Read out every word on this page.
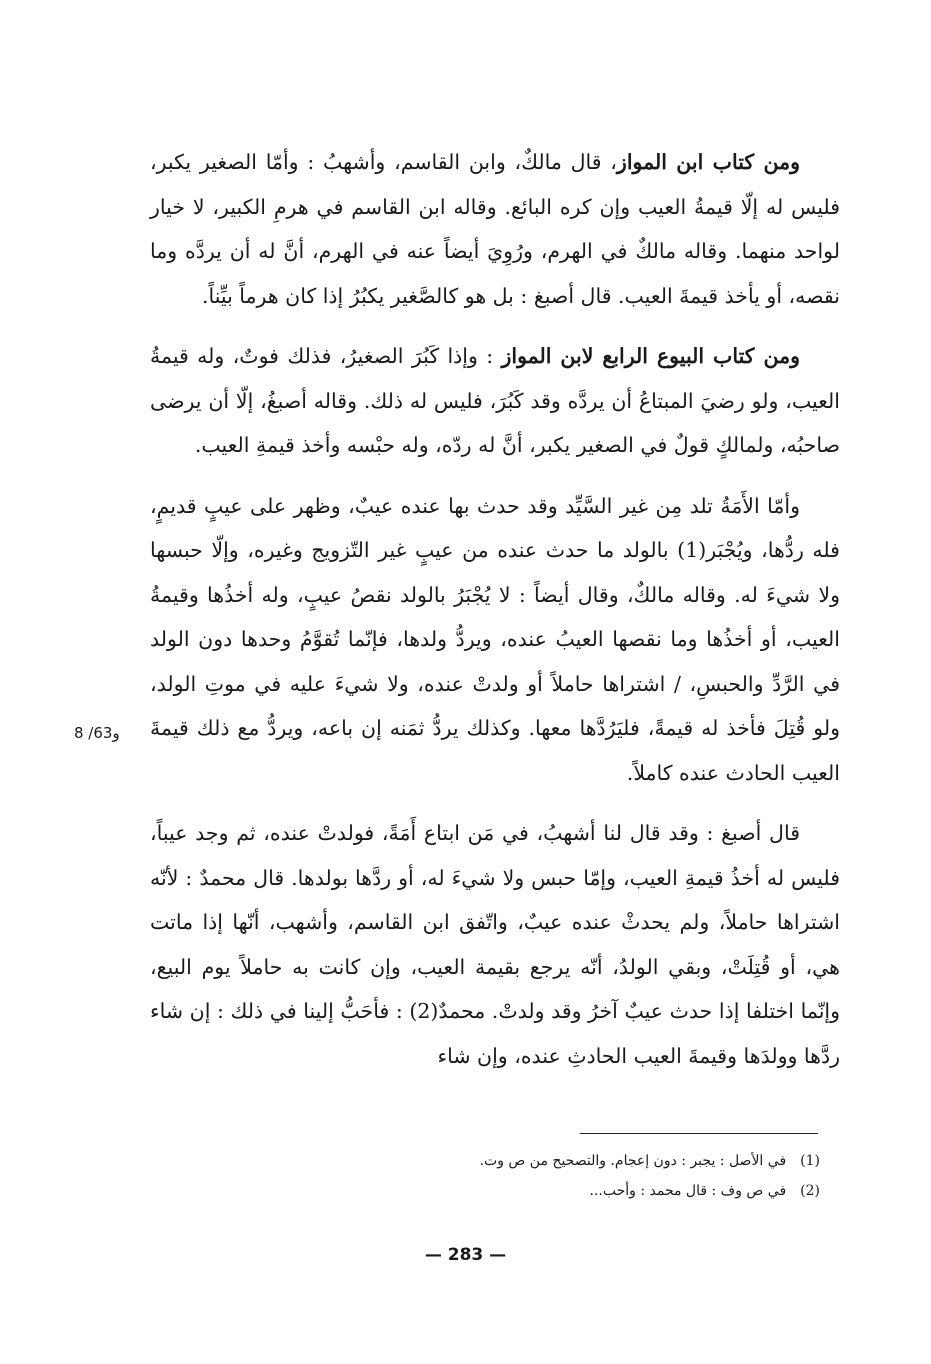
ومن كتاب ابن المواز، قال مالكٌ، وابن القاسم، وأشهبُ : وأمّا الصغير يكبر، فليس له إلّا قيمةُ العيب وإن كره البائع. وقاله ابن القاسم في هرمِ الكبير، لا خيار لواحد منهما. وقاله مالكٌ في الهرم، ورُوِيَ أيضاً عنه في الهرم، أنَّ له أن يردَّه وما نقصه، أو يأخذ قيمةَ العيب. قال أصبغ : بل هو كالصَّغير يكبُرُ إذا كان هرماً بيِّناً.

ومن كتاب البيوع الرابع لابن المواز : وإذا كَبُرَ الصغيرُ، فذلك فوتٌ، وله قيمةُ العيب، ولو رضيَ المبتاعُ أن يردَّه وقد كَبُرَ، فليس له ذلك. وقاله أصبغُ، إلّا أن يرضى صاحبُه، ولمالكٍ قولٌ في الصغير يكبر، أنَّ له ردّه، وله حبْسه وأخذ قيمةِ العيب.

وأمّا الأَمَةُ تلد مِن غير السَّيِّد وقد حدث بها عنده عيبٌ، وظهر على عيبٍ قديمٍ، فله ردُّها، ويُجْبَر(1) بالولد ما حدث عنده من عيبٍ غير التّزويج وغيره، وإلّا حبسها ولا شيءَ له. وقاله مالكٌ، وقال أيضاً : لا يُجْبَرُ بالولد نقصُ عيبٍ، وله أخذُها وقيمةُ العيب، أو أخذُها وما نقصها العيبُ عنده، ويردُّ ولدها، فإنّما تُقوَّمُ وحدها دون الولد في الرَّدِّ والحبسِ، / اشتراها حاملاً أو ولدتْ عنده، ولا شيءَ عليه في موتِ الولد، ولو قُتِلَ فأخذ له قيمةً، فليَرُدَّها معها. وكذلك يردُّ ثمَنه إن باعه، ويردُّ مع ذلك قيمةَ العيب الحادث عنده كاملاً.

قال أصبغ : وقد قال لنا أشهبُ، في مَن ابتاع أَمَةً، فولدتْ عنده، ثم وجد عيباً، فليس له أخذُ قيمةِ العيب، وإمّا حبس ولا شيءَ له، أو ردَّها بولدها. قال محمدٌ : لأنّه اشتراها حاملاً، ولم يحدثْ عنده عيبٌ، واتّفق ابن القاسم، وأشهب، أنّها إذا ماتت هي، أو قُتِلَتْ، وبقي الولدُ، أنّه يرجع بقيمة العيب، وإن كانت به حاملاً يوم البيع، وإنّما اختلفا إذا حدث عيبٌ آخرُ وقد ولدتْ. محمدٌ(2) : فأحَبُّ إلينا في ذلك : إن شاء ردَّها وولدَها وقيمةَ العيب الحادثِ عنده، وإن شاء

8 /63و
(1)في الأصل : يجبر : دون إعجام. والتصحيح من ص وت.
(2)في ص وف : قال محمد : وأحب...
— 283 —
